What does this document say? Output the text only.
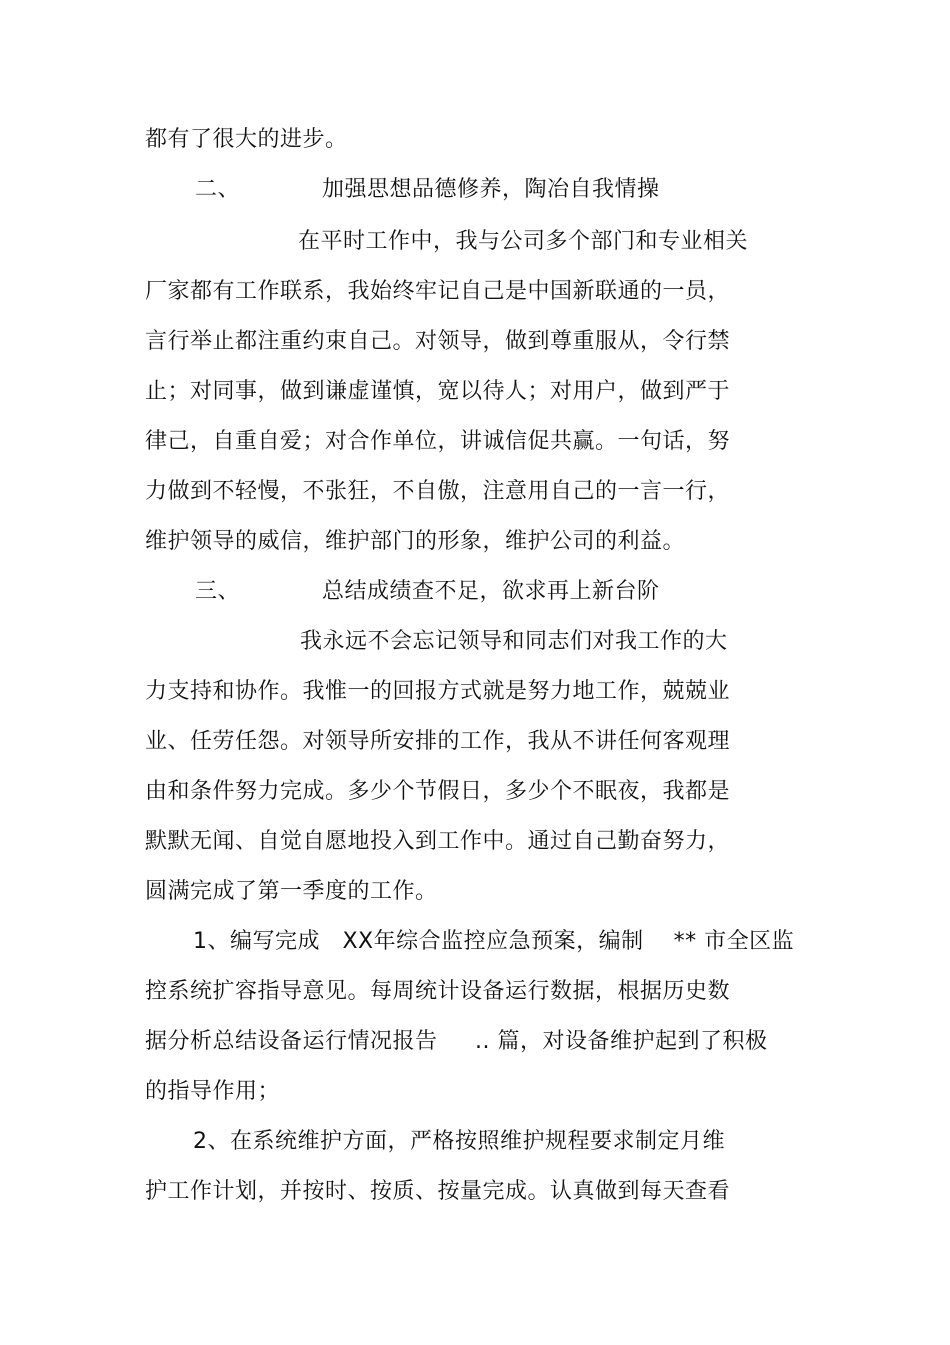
都有了很大的进步。
二、	加强思想品德修养，陶冶自我情操
在平时工作中，我与公司多个部门和专业相关
厂家都有工作联系，我始终牢记自己是中国新联通的一员，
言行举止都注重约束自己。对领导，做到尊重服从，令行禁
止；对同事，做到谦虚谨慎，宽以待人；对用户，做到严于
律己，自重自爱；对合作单位，讲诚信促共赢。一句话，努
力做到不轻慢，不张狂，不自傲，注意用自己的一言一行，
维护领导的威信，维护部门的形象，维护公司的利益。
三、	总结成绩查不足，欲求再上新台阶
我永远不会忘记领导和同志们对我工作的大
力支持和协作。我惟一的回报方式就是努力地工作，兢兢业
业、任劳任怨。对领导所安排的工作，我从不讲任何客观理
由和条件努力完成。多少个节假日，多少个不眠夜，我都是
默默无闻、自觉自愿地投入到工作中。通过自己勤奋努力，
圆满完成了第一季度的工作。
1、编写完成   XX年综合监控应急预案，编制    ** 市全区监
控系统扩容指导意见。每周统计设备运行数据，根据历史数
据分析总结设备运行情况报告     .. 篇，对设备维护起到了积极
的指导作用；
2、在系统维护方面，严格按照维护规程要求制定月维
护工作计划，并按时、按质、按量完成。认真做到每天查看
